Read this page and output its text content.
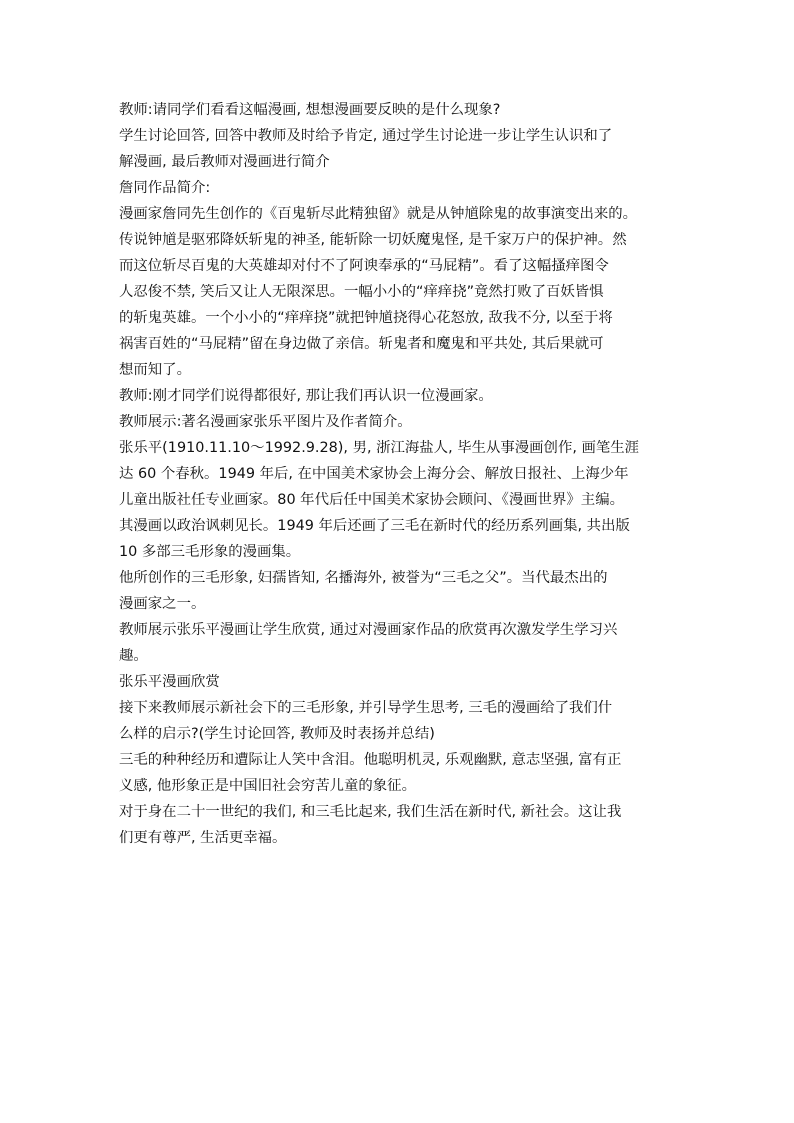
教师:请同学们看看这幅漫画, 想想漫画要反映的是什么现象?

学生讨论回答, 回答中教师及时给予肯定, 通过学生讨论进一步让学生认识和了
解漫画, 最后教师对漫画进行简介

詹同作品简介:

漫画家詹同先生创作的《百鬼斩尽此精独留》就是从钟馗除鬼的故事演变出来的。
传说钟馗是驱邪降妖斩鬼的神圣, 能斩除一切妖魔鬼怪, 是千家万户的保护神。然
而这位斩尽百鬼的大英雄却对付不了阿谀奉承的“马屁精”。看了这幅搔痒图令
人忍俊不禁, 笑后又让人无限深思。一幅小小的“痒痒挠”竟然打败了百妖皆惧
的斩鬼英雄。一个小小的“痒痒挠”就把钟馗挠得心花怒放, 敌我不分, 以至于将
祸害百姓的“马屁精”留在身边做了亲信。斩鬼者和魔鬼和平共处, 其后果就可
想而知了。

教师:刚才同学们说得都很好, 那让我们再认识一位漫画家。

教师展示:著名漫画家张乐平图片及作者简介。

张乐平(1910.11.10～1992.9.28), 男, 浙江海盐人, 毕生从事漫画创作, 画笔生涯
达 60 个春秋。1949 年后, 在中国美术家协会上海分会、解放日报社、上海少年
儿童出版社任专业画家。80 年代后任中国美术家协会顾问、《漫画世界》主编。
其漫画以政治讽刺见长。1949 年后还画了三毛在新时代的经历系列画集, 共出版
10 多部三毛形象的漫画集。

他所创作的三毛形象, 妇孺皆知, 名播海外, 被誉为“三毛之父”。当代最杰出的
漫画家之一。

教师展示张乐平漫画让学生欣赏, 通过对漫画家作品的欣赏再次激发学生学习兴
趣。

张乐平漫画欣赏

接下来教师展示新社会下的三毛形象, 并引导学生思考, 三毛的漫画给了我们什
么样的启示?(学生讨论回答, 教师及时表扬并总结)

三毛的种种经历和遭际让人笑中含泪。他聪明机灵, 乐观幽默, 意志坚强, 富有正
义感, 他形象正是中国旧社会穷苦儿童的象征。

对于身在二十一世纪的我们, 和三毛比起来, 我们生活在新时代, 新社会。这让我
们更有尊严, 生活更幸福。
